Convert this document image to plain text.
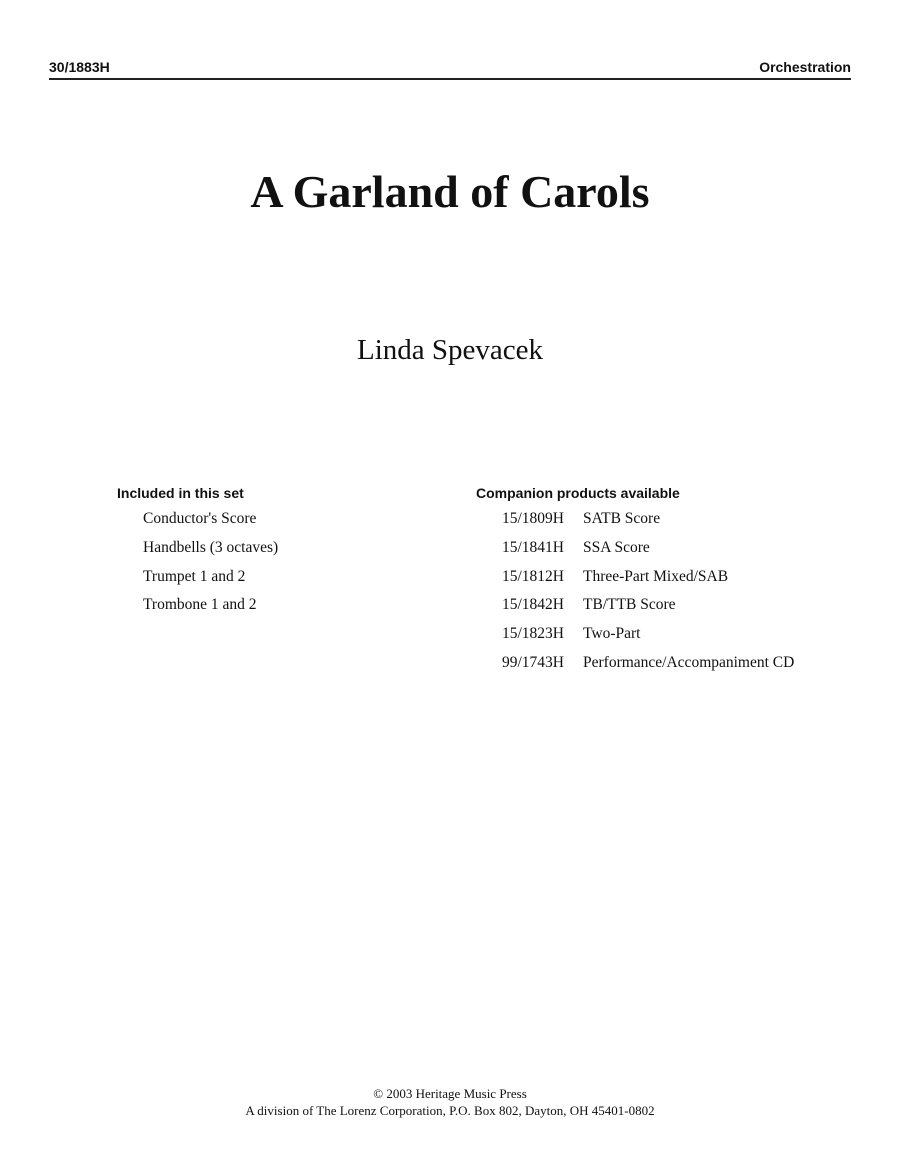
30/1883H	Orchestration
A Garland of Carols
Linda Spevacek
Included in this set
Conductor's Score
Handbells (3 octaves)
Trumpet 1 and 2
Trombone 1 and 2
Companion products available
15/1809H SATB Score
15/1841H SSA Score
15/1812H Three-Part Mixed/SAB
15/1842H TB/TTB Score
15/1823H Two-Part
99/1743H Performance/Accompaniment CD
© 2003 Heritage Music Press
A division of The Lorenz Corporation, P.O. Box 802, Dayton, OH 45401-0802
